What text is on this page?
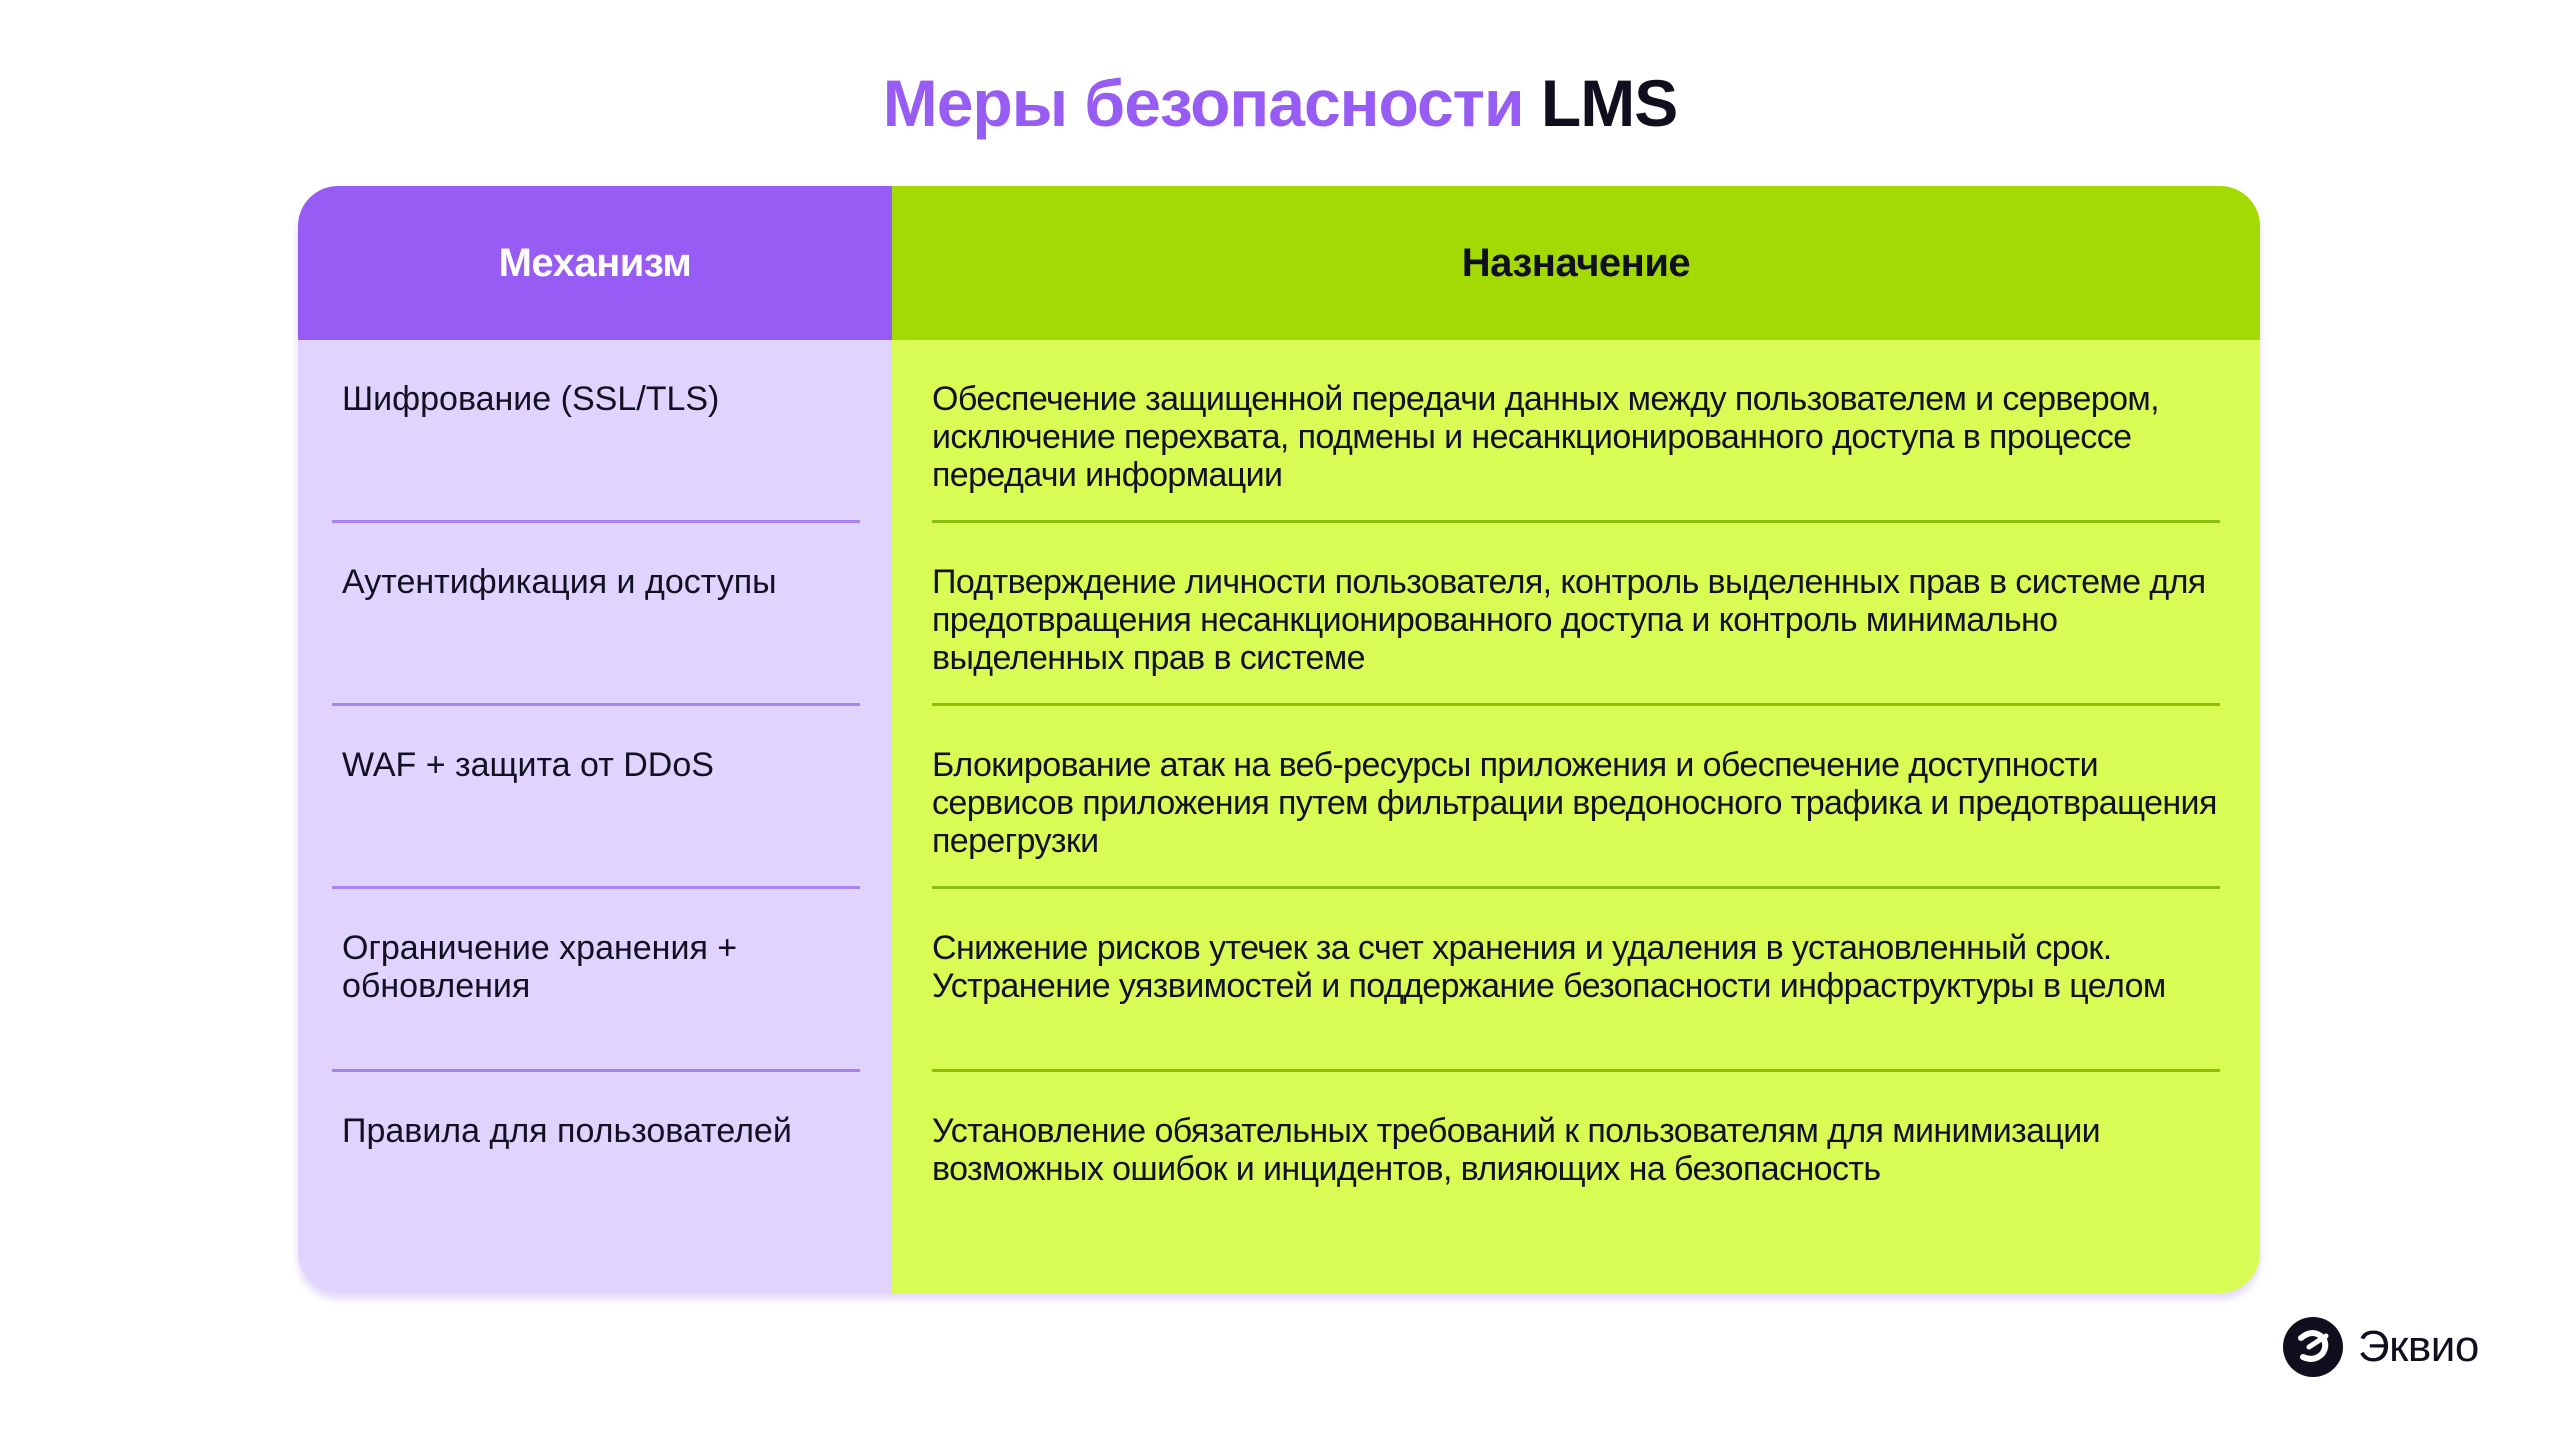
Меры безопасности LMS
Механизм
Шифрование (SSL/TLS)
Аутентификация и доступы
WAF + защита от DDoS
Ограничение хранения + обновления
Правила для пользователей
Назначение
Обеспечение защищенной передачи данных между пользователем и сервером, исключение перехвата, подмены и несанкционированного доступа в процессе передачи информации
Подтверждение личности пользователя, контроль выделенных прав в системе для предотвращения несанкционированного доступа и контроль минимально выделенных прав в системе
Блокирование атак на веб-ресурсы приложения и обеспечение доступности сервисов приложения путем фильтрации вредоносного трафика и предотвращения перегрузки
Снижение рисков утечек за счет хранения и удаления в установленный срок. Устранение уязвимостей и поддержание безопасности инфраструктуры в целом
Установление обязательных требований к пользователям для минимизации возможных ошибок и инцидентов, влияющих на безопасность
Эквио
